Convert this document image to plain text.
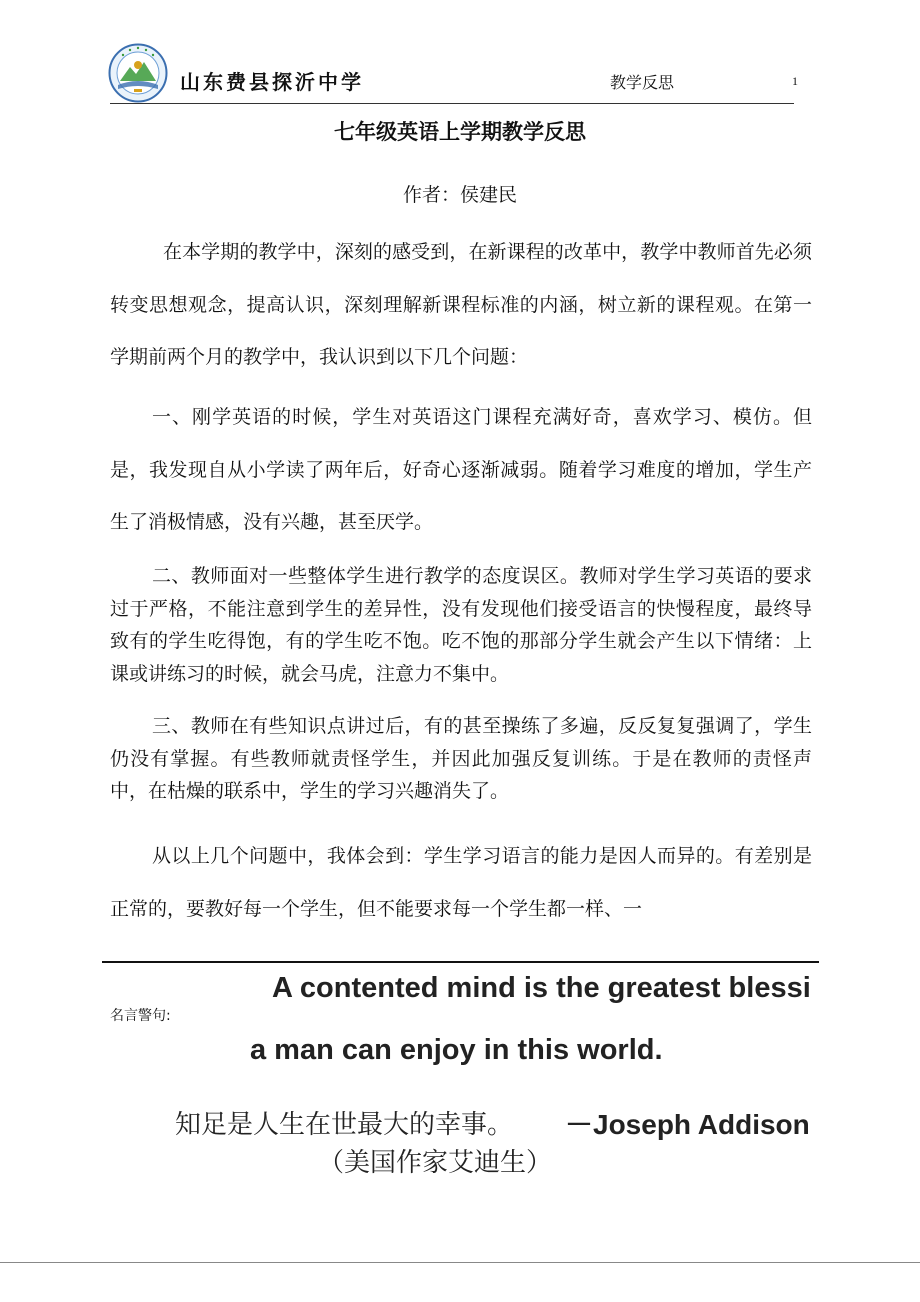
山东费县探沂中学	教学反思	1
七年级英语上学期教学反思
作者：侯建民

在本学期的教学中，深刻的感受到，在新课程的改革中，教学中教师首先必须转变思想观念，提高认识，深刻理解新课程标准的内涵，树立新的课程观。在第一学期前两个月的教学中，我认识到以下几个问题：

一、刚学英语的时候，学生对英语这门课程充满好奇，喜欢学习、模仿。但是，我发现自从小学读了两年后，好奇心逐渐减弱。随着学习难度的增加，学生产生了消极情感，没有兴趣，甚至厌学。

二、教师面对一些整体学生进行教学的态度误区。教师对学生学习英语的要求过于严格，不能注意到学生的差异性，没有发现他们接受语言的快慢程度，最终导致有的学生吃得饱，有的学生吃不饱。吃不饱的那部分学生就会产生以下情绪：上课或讲练习的时候，就会马虎，注意力不集中。

三、教师在有些知识点讲过后，有的甚至操练了多遍，反反复复强调了，学生仍没有掌握。有些教师就责怪学生，并因此加强反复训练。于是在教师的责怪声中，在枯燥的联系中，学生的学习兴趣消失了。

从以上几个问题中，我体会到：学生学习语言的能力是因人而异的。有差别是正常的，要教好每一个学生，但不能要求每一个学生都一样、一

名言警句:
A contented mind is the greatest blessi
a man can enjoy in this world.
知足是人生在世最大的幸事。 －Joseph Addison
（美国作家艾迪生）
